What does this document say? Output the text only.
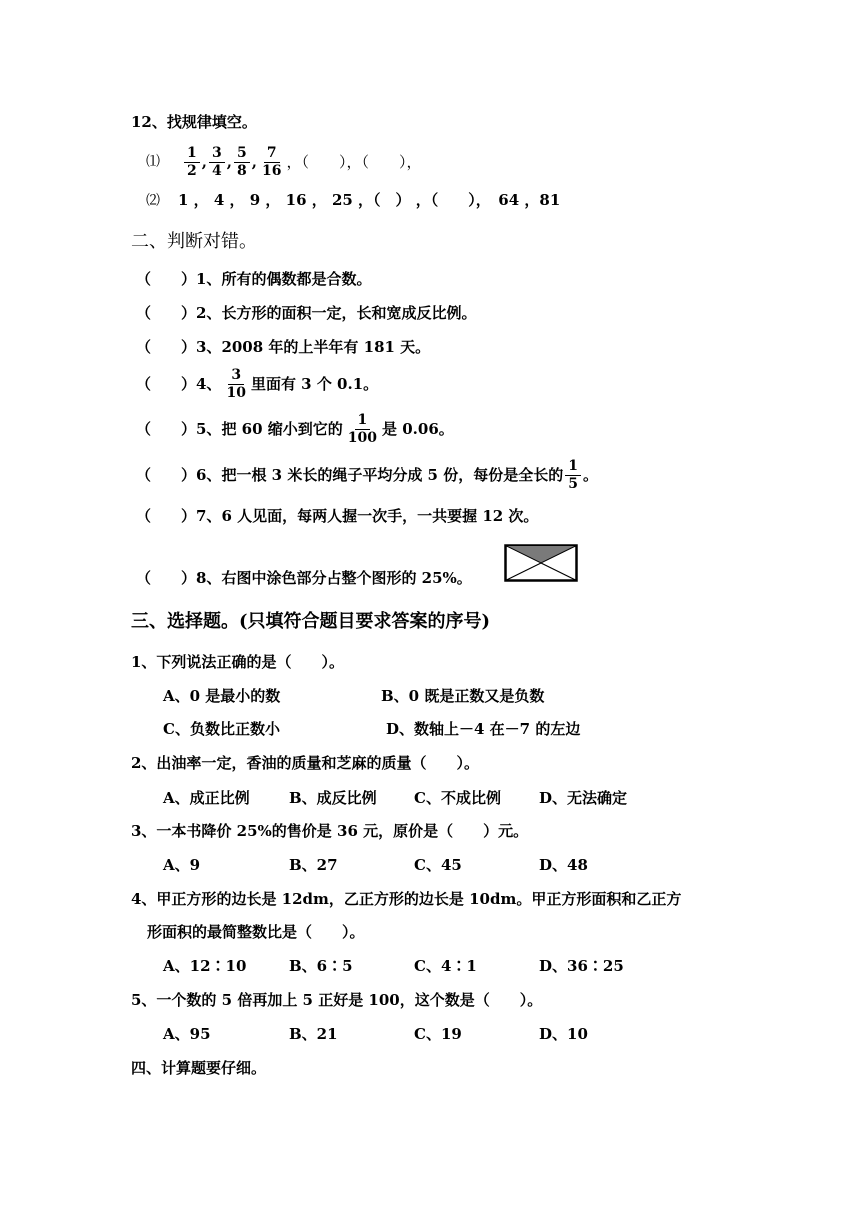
12、找规律填空。
⑴ $\frac{1}{2}$ , $\frac{3}{4}$ , $\frac{5}{8}$ , $\frac{7}{16}$ ，（　　），（　　），
⑵ 1 ， 4 ， 9 ， 16 ， 25 ，（　） ，（　　），　64 ，81
二、判断对错。
（　　）1、所有的偶数都是合数。
（　　）2、长方形的面积一定，长和宽成反比例。
（　　）3、2008 年的上半年有 181 天。
（　　）4、 $\frac{3}{10}$ 里面有 3 个 0.1。
（　　）5、把 60 缩小到它的 $\frac{1}{100}$ 是 0.06。
（　　）6、把一根 3 米长的绳子平均分成 5 份，每份是全长的 $\frac{1}{5}$ 。
（　　）7、6 人见面，每两人握一次手，一共要握 12 次。
（　　）8、右图中涂色部分占整个图形的 25%。
三、选择题。(只填符合题目要求答案的序号)
1、下列说法正确的是（　　）。
A、0 是最小的数	B、0 既是正数又是负数
C、负数比正数小	D、数轴上－4 在－7 的左边
2、出油率一定，香油的质量和芝麻的质量（　　）。
A、成正比例	B、成反比例 C、不成比例	D、无法确定
3、一本书降价 25%的售价是 36 元，原价是（　　）元。
A、9	B、27	C、45	D、48
4、甲正方形的边长是 12dm，乙正方形的边长是 10dm。甲正方形面积和乙正方
形面积的最简整数比是（　　）。
A、12∶10	B、6∶5	C、4∶1	D、36∶25
5、一个数的 5 倍再加上 5 正好是 100，这个数是（　　）。
A、95	B、21	C、19	D、10
四、计算题要仔细。
